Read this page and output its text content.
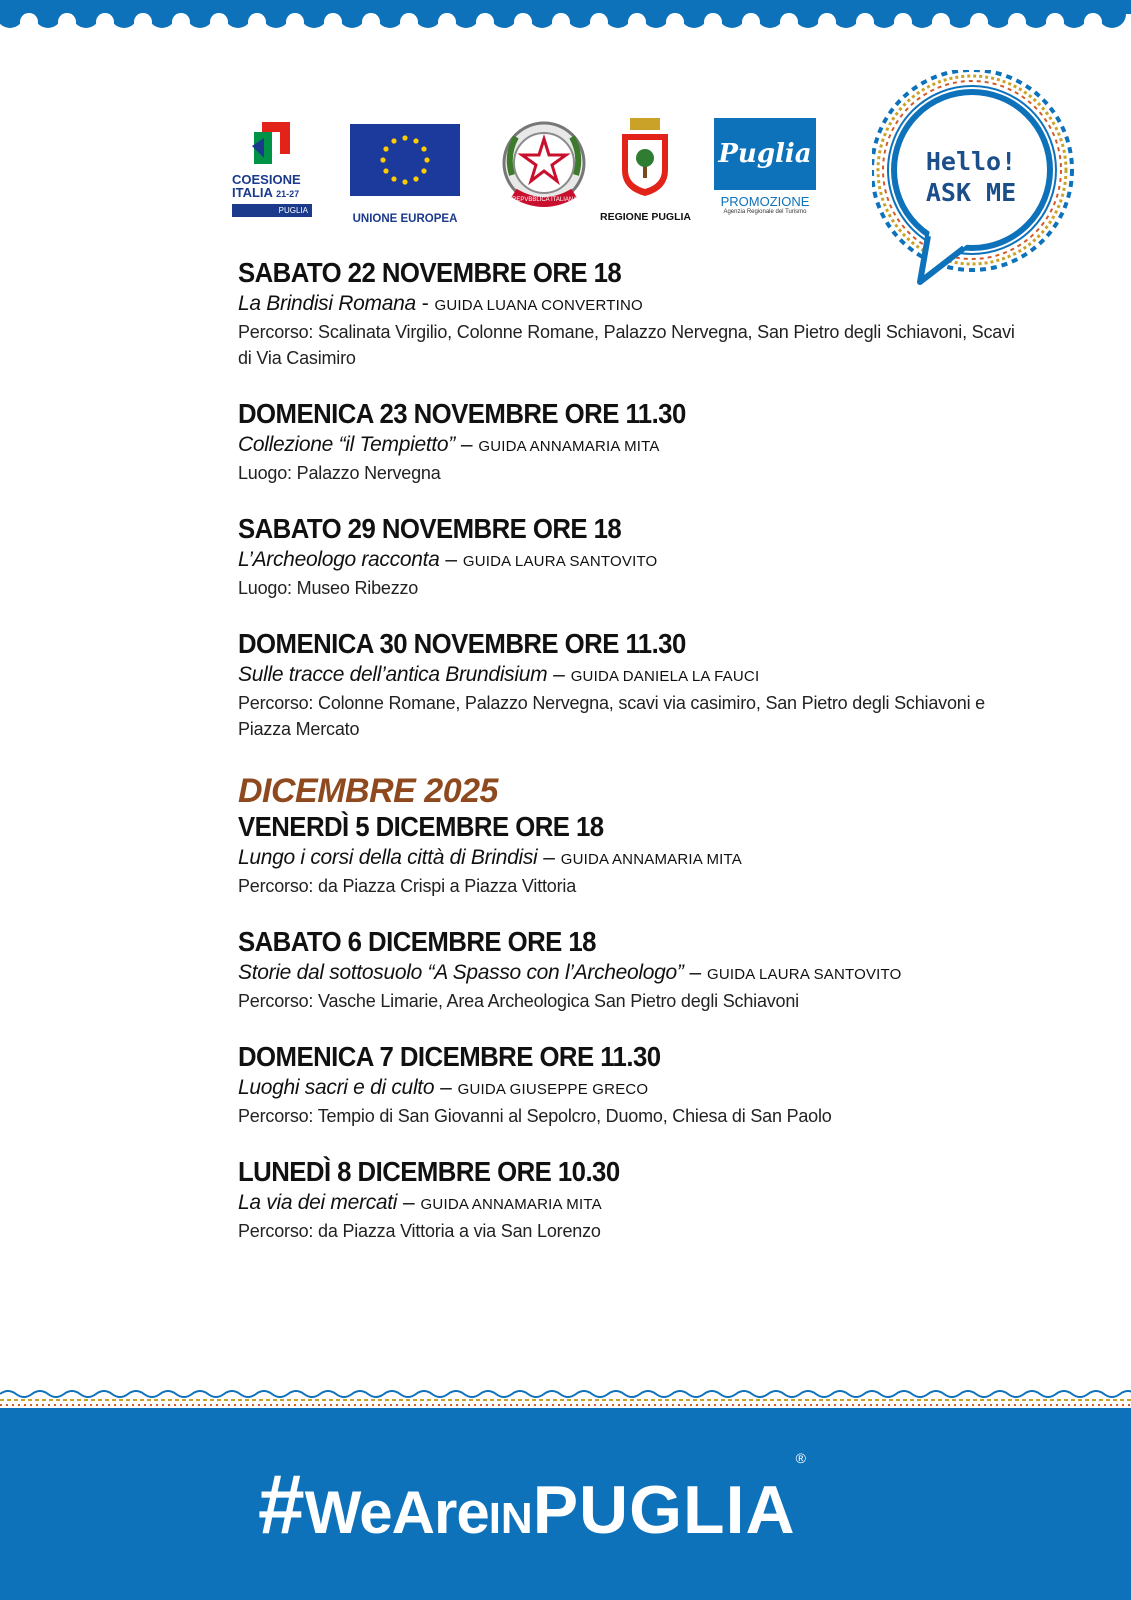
COESIONE
ITALIA 21-27
PUGLIA
UNIONE EUROPEA
REPVBBLICA ITALIANA
REGIONE PUGLIA
Puglia
PROMOZIONE
Agenzia Regionale del Turismo
Hello!
ASK ME
SABATO 22 NOVEMBRE ORE 18
La Brindisi Romana - GUIDA LUANA CONVERTINO
Percorso: Scalinata Virgilio, Colonne Romane, Palazzo Nervegna, San Pietro degli Schiavoni, Scavi di Via Casimiro
DOMENICA 23 NOVEMBRE ORE 11.30
Collezione “il Tempietto” – GUIDA ANNAMARIA MITA
Luogo: Palazzo Nervegna
SABATO 29 NOVEMBRE ORE 18
L’Archeologo racconta – GUIDA LAURA SANTOVITO
Luogo: Museo Ribezzo
DOMENICA 30 NOVEMBRE ORE 11.30
Sulle tracce dell’antica Brundisium – GUIDA DANIELA LA FAUCI
Percorso: Colonne Romane, Palazzo Nervegna, scavi via casimiro, San Pietro degli Schiavoni e Piazza Mercato
DICEMBRE 2025
VENERDÌ 5 DICEMBRE ORE 18
Lungo i corsi della città di Brindisi – GUIDA ANNAMARIA MITA
Percorso: da Piazza Crispi a Piazza Vittoria
SABATO 6 DICEMBRE ORE 18
Storie dal sottosuolo “A Spasso con l’Archeologo” – GUIDA LAURA SANTOVITO
Percorso: Vasche Limarie, Area Archeologica San Pietro degli Schiavoni
DOMENICA 7 DICEMBRE ORE 11.30
Luoghi sacri e di culto – GUIDA GIUSEPPE GRECO
Percorso: Tempio di San Giovanni al Sepolcro, Duomo, Chiesa di San Paolo
LUNEDÌ 8 DICEMBRE ORE 10.30
La via dei mercati – GUIDA ANNAMARIA MITA
Percorso: da Piazza Vittoria a via San Lorenzo
#WeAreINPUGLIA®
